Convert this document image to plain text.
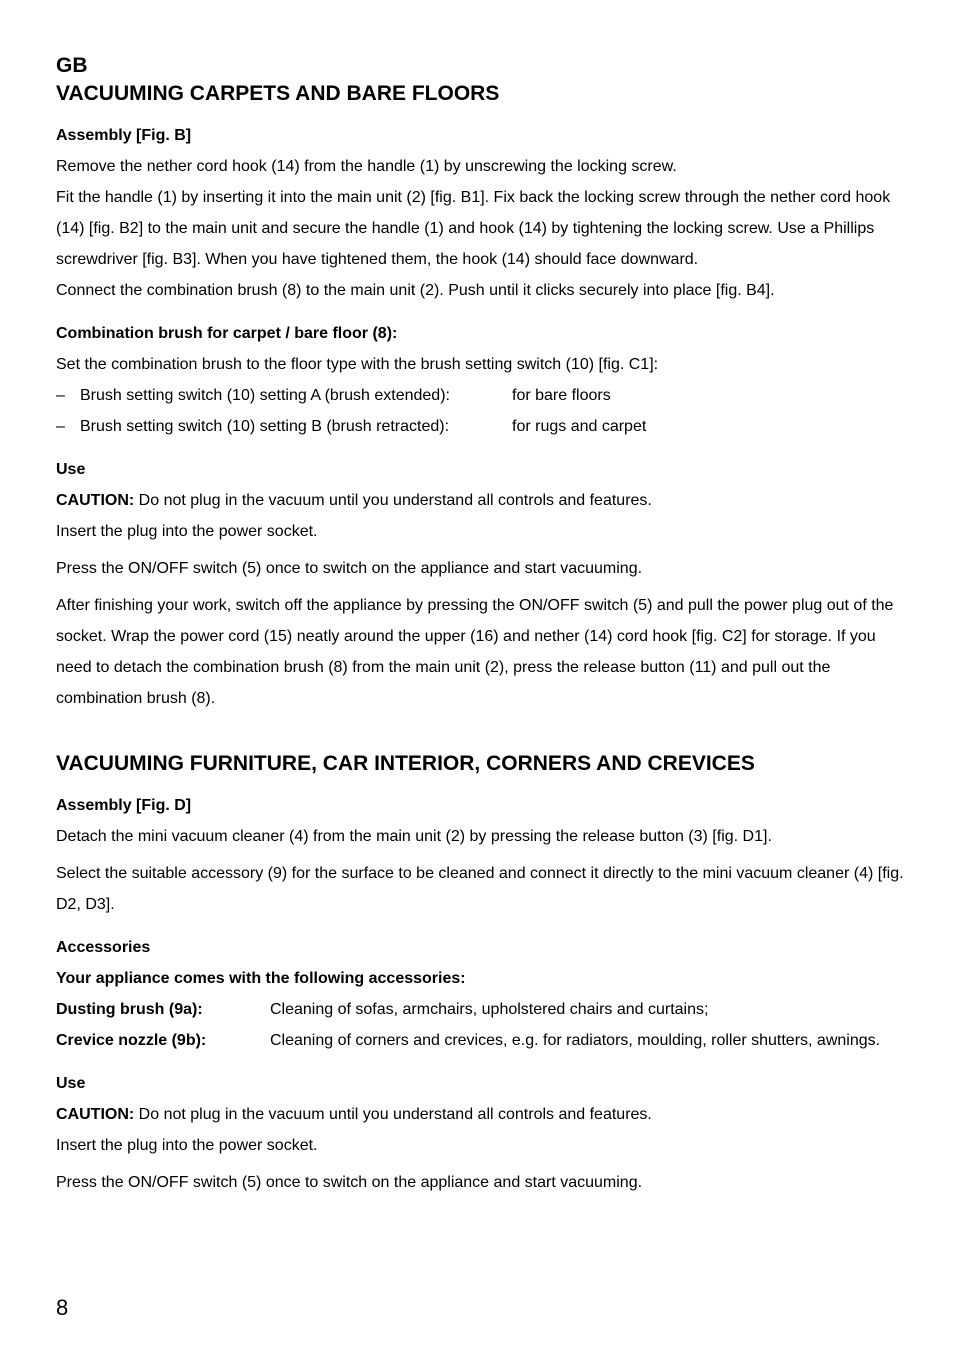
GB
VACUUMING CARPETS AND BARE FLOORS
Assembly [Fig. B]

Remove the nether cord hook (14) from the handle (1) by unscrewing the locking screw.

Fit the handle (1) by inserting it into the main unit (2) [fig. B1]. Fix back the locking screw through the nether cord hook (14) [fig. B2] to the main unit and secure the handle (1) and hook (14) by tightening the locking screw. Use a Phillips screwdriver [fig. B3]. When you have tightened them, the hook (14) should face downward.

Connect the combination brush (8) to the main unit (2). Push until it clicks securely into place [fig. B4].

Combination brush for carpet / bare floor (8):

Set the combination brush to the floor type with the brush setting switch (10) [fig. C1]:

– Brush setting switch (10) setting A (brush extended):	for bare floors
– Brush setting switch (10) setting B (brush retracted):	for rugs and carpet
Use

CAUTION: Do not plug in the vacuum until you understand all controls and features.

Insert the plug into the power socket.

Press the ON/OFF switch (5) once to switch on the appliance and start vacuuming.

After finishing your work, switch off the appliance by pressing the ON/OFF switch (5) and pull the power plug out of the socket. Wrap the power cord (15) neatly around the upper (16) and nether (14) cord hook [fig. C2] for storage. If you need to detach the combination brush (8) from the main unit (2), press the release button (11) and pull out the combination brush (8).

VACUUMING FURNITURE, CAR INTERIOR, CORNERS AND CREVICES
Assembly [Fig. D]

Detach the mini vacuum cleaner (4) from the main unit (2) by pressing the release button (3) [fig. D1].

Select the suitable accessory (9) for the surface to be cleaned and connect it directly to the mini vacuum cleaner (4) [fig. D2, D3].

Accessories
Your appliance comes with the following accessories:
Dusting brush (9a):	Cleaning of sofas, armchairs, upholstered chairs and curtains;
Crevice nozzle (9b):	Cleaning of corners and crevices, e.g. for radiators, moulding, roller shutters, awnings.
Use

CAUTION: Do not plug in the vacuum until you understand all controls and features.

Insert the plug into the power socket.

Press the ON/OFF switch (5) once to switch on the appliance and start vacuuming.

8
